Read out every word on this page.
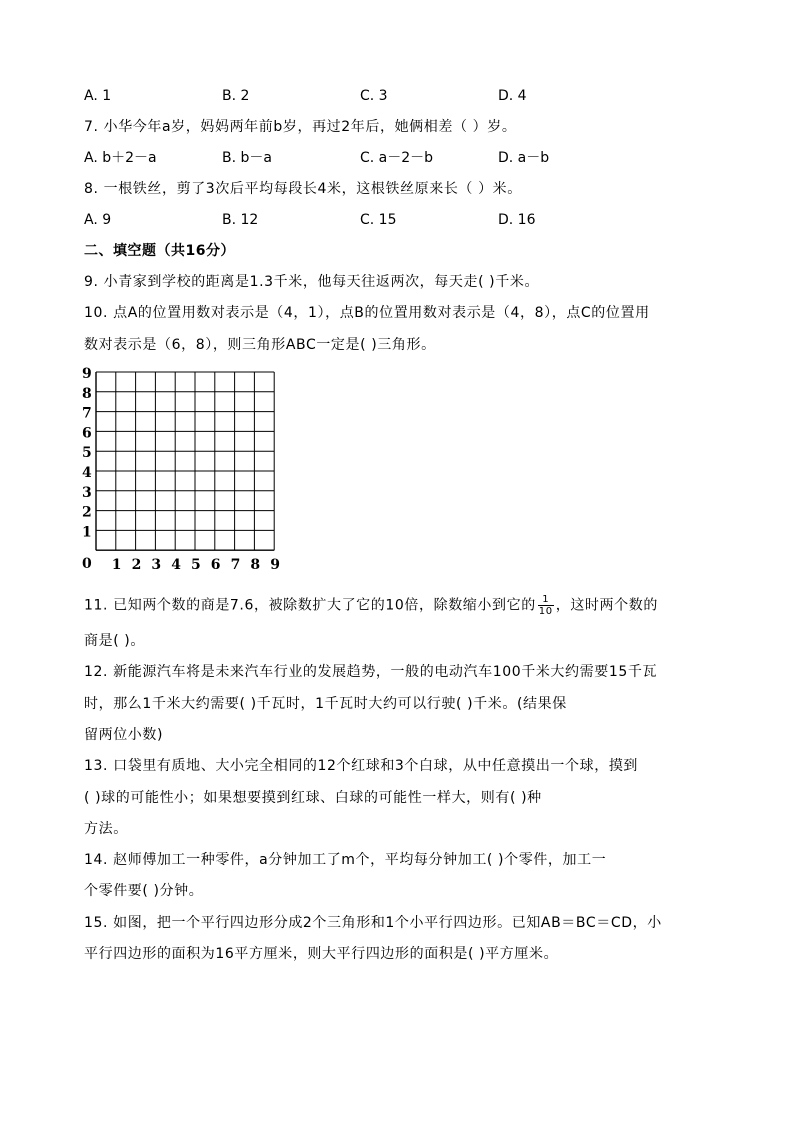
A. 1	B. 2	C. 3	D. 4
7. 小华今年a岁，妈妈两年前b岁，再过2年后，她俩相差（ ）岁。
A. b＋2－a	B. b－a	C. a－2－b	D. a－b
8. 一根铁丝，剪了3次后平均每段长4米，这根铁丝原来长（ ）米。
A. 9	B. 12	C. 15	D. 16
二、填空题（共16分）
9. 小青家到学校的距离是1.3千米，他每天往返两次，每天走( )千米。
10. 点A的位置用数对表示是（4，1），点B的位置用数对表示是（4，8），点C的位置用
数对表示是（6，8），则三角形ABC一定是( )三角形。
9
8
7
6
5
4
3
2
1
1 2 3 4 5 6 7 8 9
0
11. 已知两个数的商是7.6，被除数扩大了它的10倍，除数缩小到它的 $\frac{1}{10}$ ，这时两个数的
商是( )。
12. 新能源汽车将是未来汽车行业的发展趋势，一般的电动汽车100千米大约需要15千瓦
时，那么1千米大约需要( )千瓦时，1千瓦时大约可以行驶( )千米。(结果保
留两位小数)
13. 口袋里有质地、大小完全相同的12个红球和3个白球，从中任意摸出一个球，摸到
( )球的可能性小；如果想要摸到红球、白球的可能性一样大，则有( )种
方法。
14. 赵师傅加工一种零件，a分钟加工了m个，平均每分钟加工( )个零件，加工一
个零件要( )分钟。
15. 如图，把一个平行四边形分成2个三角形和1个小平行四边形。已知AB＝BC＝CD，小
平行四边形的面积为16平方厘米，则大平行四边形的面积是( )平方厘米。
